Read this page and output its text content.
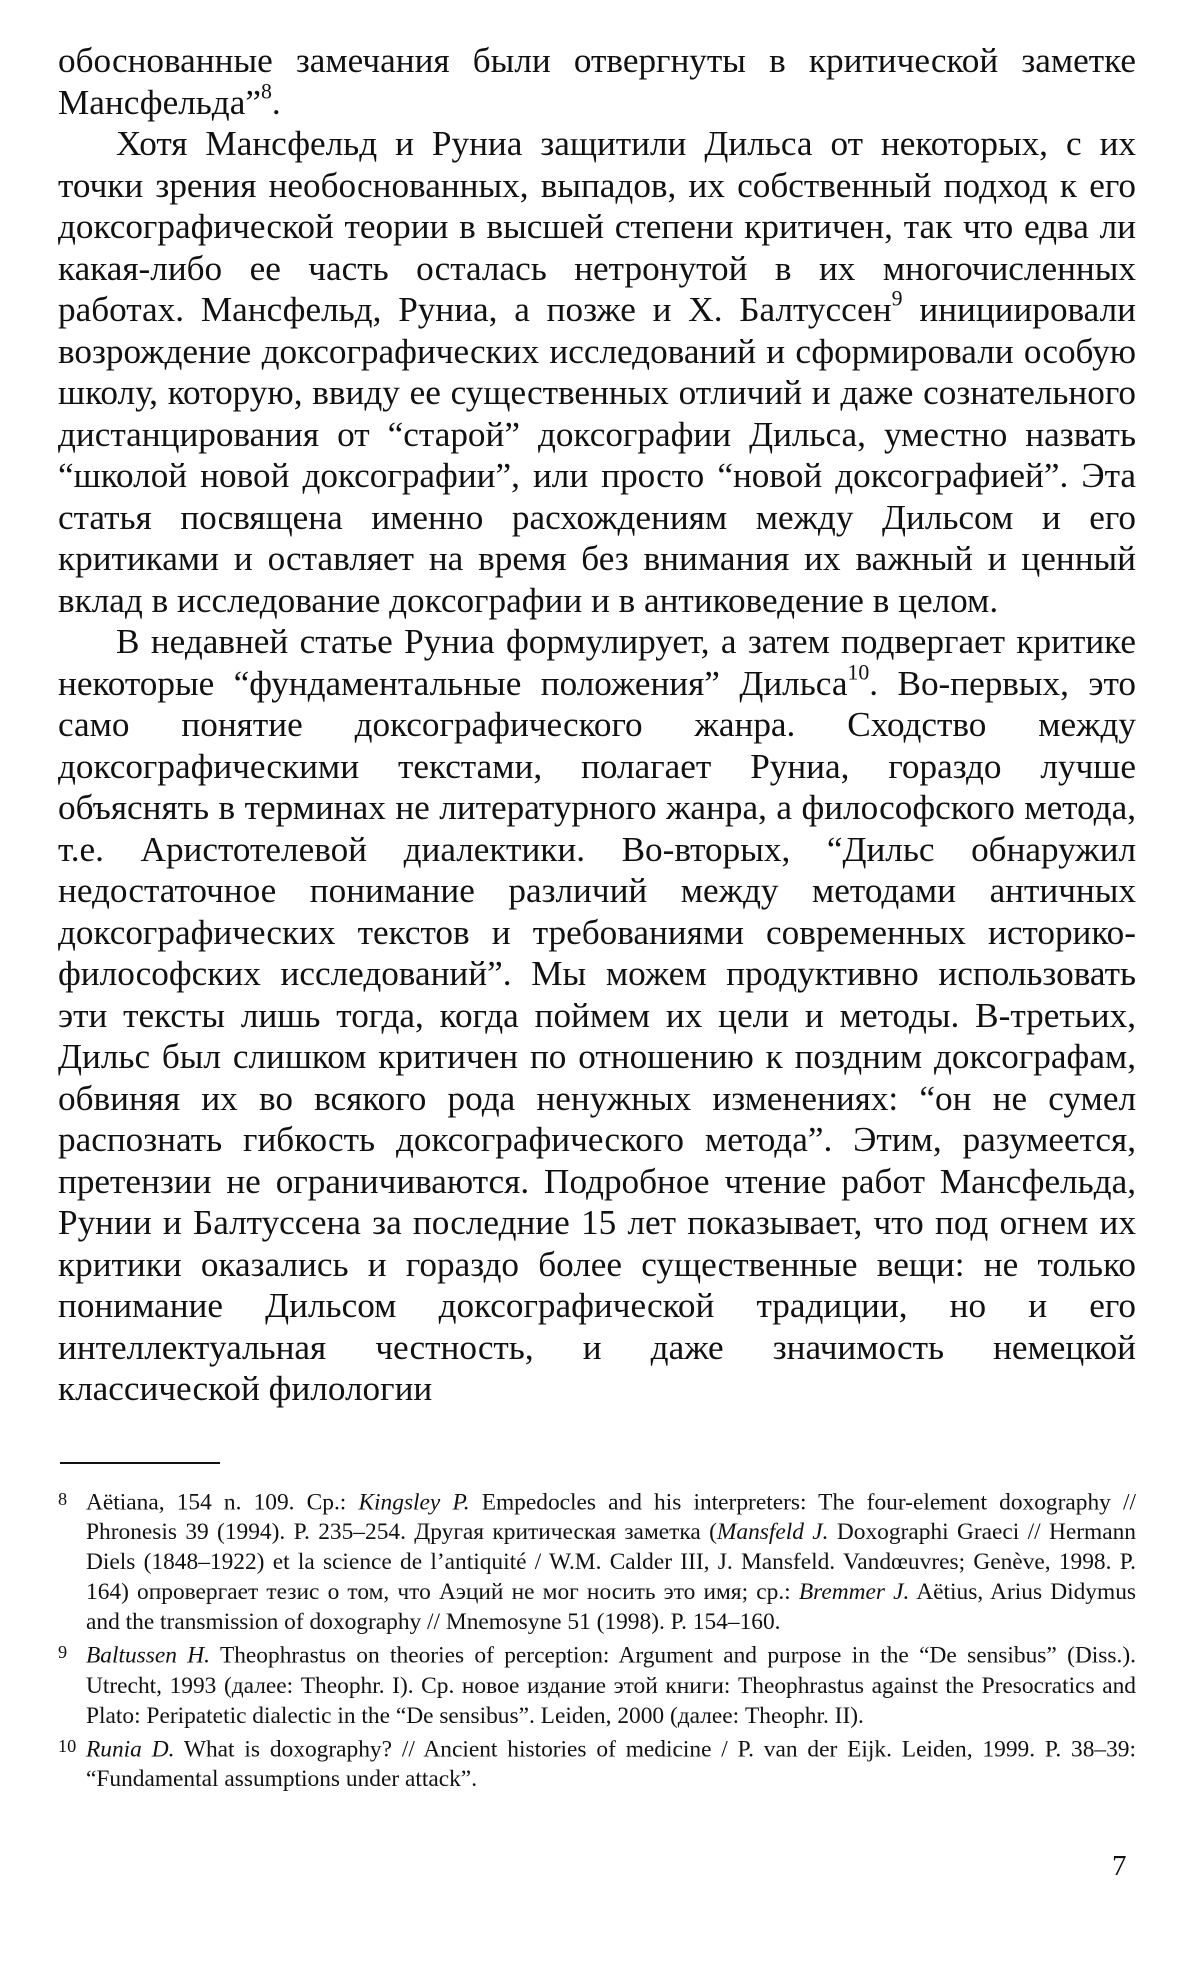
обоснованные замечания были отвергнуты в критической заметке Мансфельда”$^8$.

Хотя Мансфельд и Руниа защитили Дильса от некоторых, с их точки зрения необоснованных, выпадов, их собственный подход к его доксографической теории в высшей степени критичен, так что едва ли какая-либо ее часть осталась нетронутой в их многочисленных работах. Мансфельд, Руниа, а позже и Х. Балтуссен$^9$ инициировали возрождение доксографических исследований и сформировали особую школу, которую, ввиду ее существенных отличий и даже сознательного дистанцирования от “старой” доксографии Дильса, уместно назвать “школой новой доксографии”, или просто “новой доксографией”. Эта статья посвящена именно расхождениям между Дильсом и его критиками и оставляет на время без внимания их важный и ценный вклад в исследование доксографии и в антиковедение в целом.

В недавней статье Руниа формулирует, а затем подвергает критике некоторые “фундаментальные положения” Дильса$^{10}$. Во-первых, это само понятие доксографического жанра. Сходство между доксографическими текстами, полагает Руниа, гораздо лучше объяснять в терминах не литературного жанра, а философского метода, т.е. Аристотелевой диалектики. Во-вторых, “Дильс обнаружил недостаточное понимание различий между методами античных доксографических текстов и требованиями современных историко-философских исследований”. Мы можем продуктивно использовать эти тексты лишь тогда, когда поймем их цели и методы. В-третьих, Дильс был слишком критичен по отношению к поздним доксографам, обвиняя их во всякого рода ненужных изменениях: “он не сумел распознать гибкость доксографического метода”. Этим, разумеется, претензии не ограничиваются. Подробное чтение работ Мансфельда, Рунии и Балтуссена за последние 15 лет показывает, что под огнем их критики оказались и гораздо более существенные вещи: не только понимание Дильсом доксографической традиции, но и его интеллектуальная честность, и даже значимость немецкой классической филологии

8 Aëtiana, 154 n. 109. Ср.: Kingsley P. Empedocles and his interpreters: The four-element doxography // Phronesis 39 (1994). P. 235–254. Другая критическая заметка (Mansfeld J. Doxographi Graeci // Hermann Diels (1848–1922) et la science de l’antiquité / W.M. Calder III, J. Mansfeld. Vandœuvres; Genève, 1998. P. 164) опровергает тезис о том, что Аэций не мог носить это имя; ср.: Bremmer J. Aëtius, Arius Didymus and the transmission of doxography // Mnemosyne 51 (1998). P. 154–160.

9 Baltussen H. Theophrastus on theories of perception: Argument and purpose in the “De sensibus” (Diss.). Utrecht, 1993 (далее: Theophr. I). Ср. новое издание этой книги: Theophrastus against the Presocratics and Plato: Peripatetic dialectic in the “De sensibus”. Leiden, 2000 (далее: Theophr. II).

10 Runia D. What is doxography? // Ancient histories of medicine / P. van der Eijk. Leiden, 1999. P. 38–39: “Fundamental assumptions under attack”.

7
